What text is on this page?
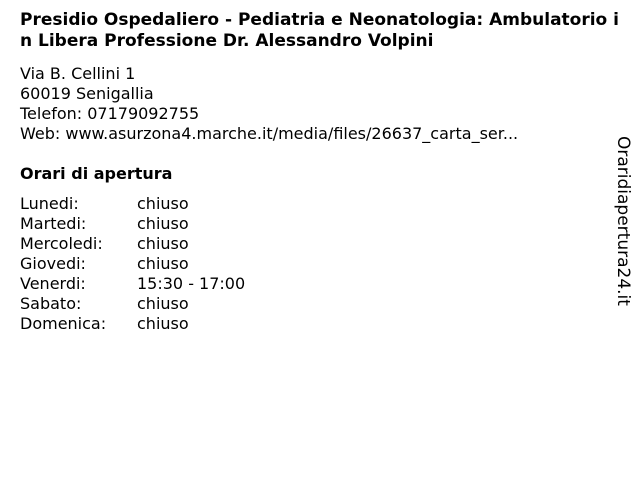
Presidio Ospedaliero - Pediatria e Neonatologia: Ambulatorio in Libera Professione Dr. Alessandro Volpini
Via B. Cellini 1
60019 Senigallia
Telefon: 07179092755
Web: www.asurzona4.marche.it/media/files/26637_carta_ser...
Orari di apertura
Lunedi:	chiuso
Martedi:	chiuso
Mercoledi: chiuso
Giovedi:	chiuso
Venerdi:	15:30 - 17:00
Sabato:	chiuso
Domenica: chiuso
Oraridiapertura24.it
